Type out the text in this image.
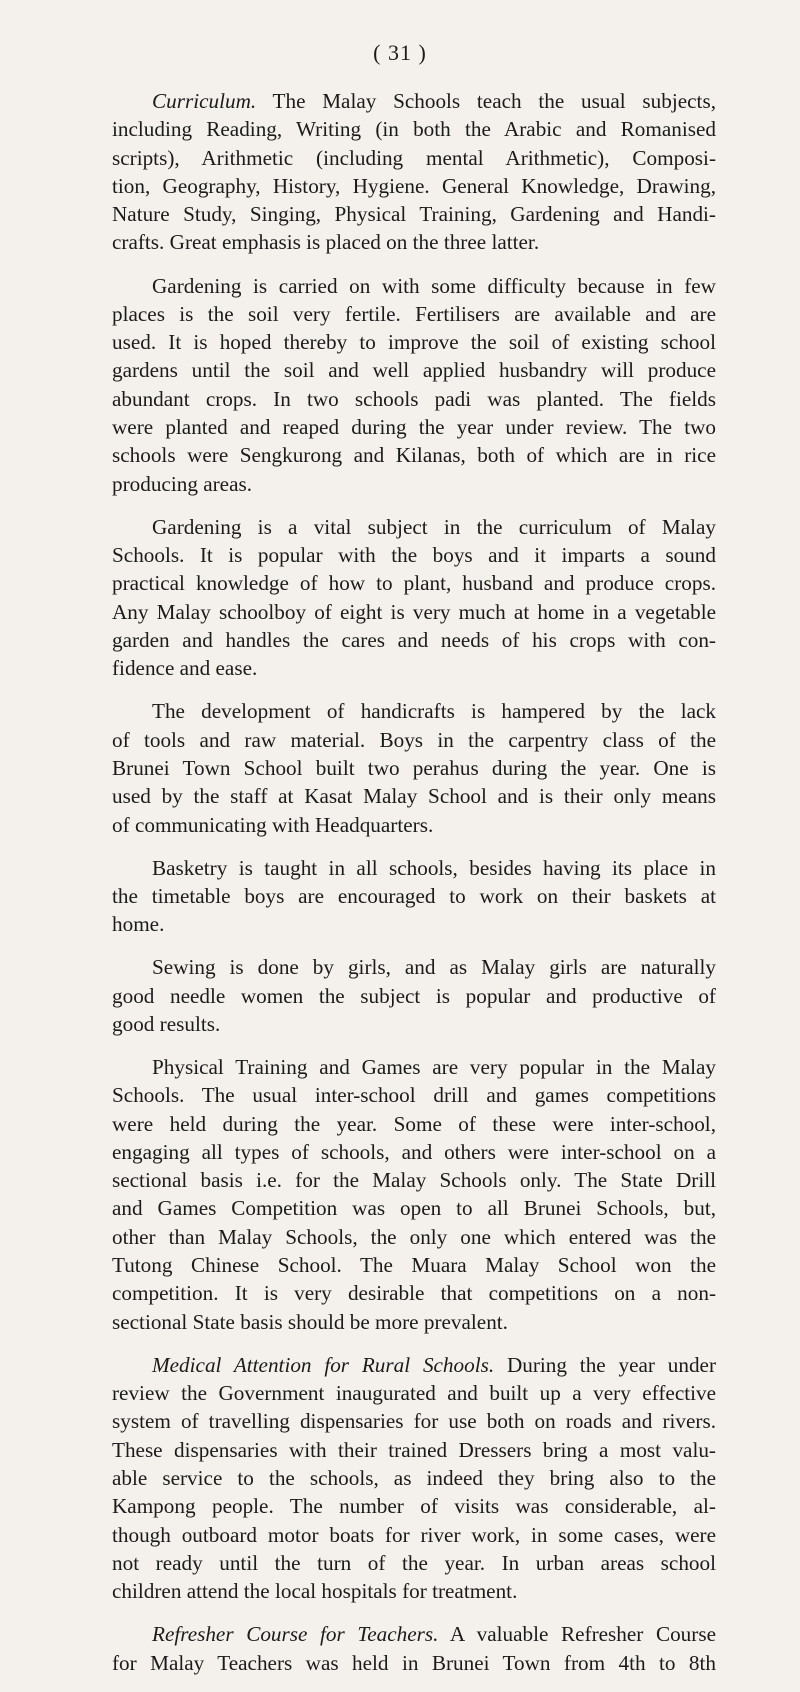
( 31 )
Curriculum. The Malay Schools teach the usual subjects,
including Reading, Writing (in both the Arabic and Romanised
scripts), Arithmetic (including mental Arithmetic), Composi-
tion, Geography, History, Hygiene. General Knowledge, Drawing,
Nature Study, Singing, Physical Training, Gardening and Handi-
crafts. Great emphasis is placed on the three latter.
Gardening is carried on with some difficulty because in few
places is the soil very fertile. Fertilisers are available and are
used. It is hoped thereby to improve the soil of existing school
gardens until the soil and well applied husbandry will produce
abundant crops. In two schools padi was planted. The fields
were planted and reaped during the year under review. The two
schools were Sengkurong and Kilanas, both of which are in rice
producing areas.
Gardening is a vital subject in the curriculum of Malay
Schools. It is popular with the boys and it imparts a sound
practical knowledge of how to plant, husband and produce crops.
Any Malay schoolboy of eight is very much at home in a vegetable
garden and handles the cares and needs of his crops with con-
fidence and ease.
The development of handicrafts is hampered by the lack
of tools and raw material. Boys in the carpentry class of the
Brunei Town School built two perahus during the year. One is
used by the staff at Kasat Malay School and is their only means
of communicating with Headquarters.
Basketry is taught in all schools, besides having its place in
the timetable boys are encouraged to work on their baskets at
home.
Sewing is done by girls, and as Malay girls are naturally
good needle women the subject is popular and productive of
good results.
Physical Training and Games are very popular in the Malay
Schools. The usual inter-school drill and games competitions
were held during the year. Some of these were inter-school,
engaging all types of schools, and others were inter-school on a
sectional basis i.e. for the Malay Schools only. The State Drill
and Games Competition was open to all Brunei Schools, but,
other than Malay Schools, the only one which entered was the
Tutong Chinese School. The Muara Malay School won the
competition. It is very desirable that competitions on a non-
sectional State basis should be more prevalent.
Medical Attention for Rural Schools. During the year under
review the Government inaugurated and built up a very effective
system of travelling dispensaries for use both on roads and rivers.
These dispensaries with their trained Dressers bring a most valu-
able service to the schools, as indeed they bring also to the
Kampong people. The number of visits was considerable, al-
though outboard motor boats for river work, in some cases, were
not ready until the turn of the year. In urban areas school
children attend the local hospitals for treatment.
Refresher Course for Teachers. A valuable Refresher Course
for Malay Teachers was held in Brunei Town from 4th to 8th
